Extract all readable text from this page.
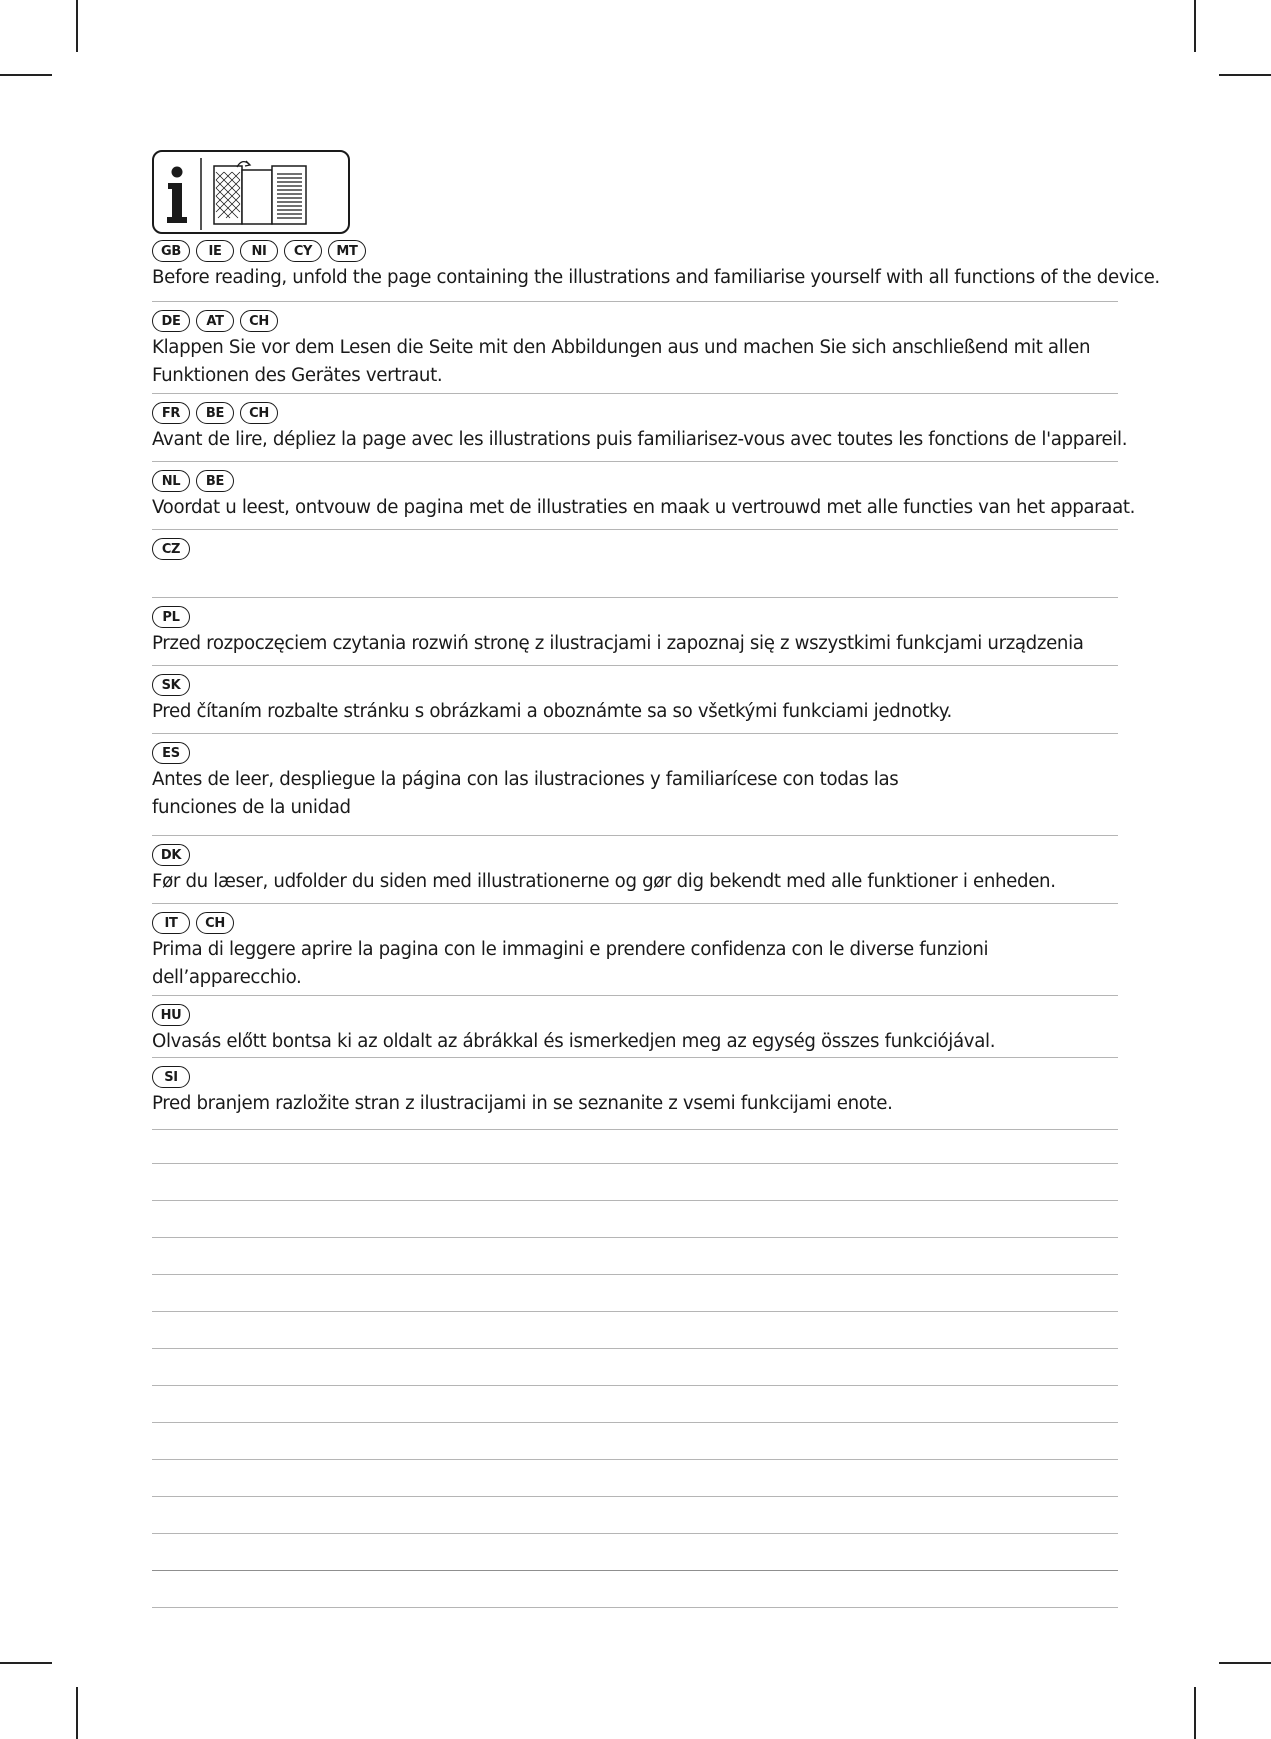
GB	IE	NI	CY	MT
Before reading, unfold the page containing the illustrations and familiarise yourself with all functions of the device.
DE	AT	CH
Klappen Sie vor dem Lesen die Seite mit den Abbildungen aus und machen Sie sich anschließend mit allen
Funktionen des Gerätes vertraut.
FR	BE	CH
Avant de lire, dépliez la page avec les illustrations puis familiarisez-vous avec toutes les fonctions de l'appareil.
NL	BE
Voordat u leest, ontvouw de pagina met de illustraties en maak u vertrouwd met alle functies van het apparaat.
CZ
PL
Przed rozpoczęciem czytania rozwiń stronę z ilustracjami i zapoznaj się z wszystkimi funkcjami urządzenia
SK
Pred čítaním rozbalte stránku s obrázkami a oboznámte sa so všetkými funkciami jednotky.
ES
Antes de leer, despliegue la página con las ilustraciones y familiarícese con todas las
funciones de la unidad
DK
Før du læser, udfolder du siden med illustrationerne og gør dig bekendt med alle funktioner i enheden.
IT	CH
Prima di leggere aprire la pagina con le immagini e prendere confidenza con le diverse funzioni
dell’apparecchio.
HU
Olvasás előtt bontsa ki az oldalt az ábrákkal és ismerkedjen meg az egység összes funkciójával.
SI
Pred branjem razložite stran z ilustracijami in se seznanite z vsemi funkcijami enote.
